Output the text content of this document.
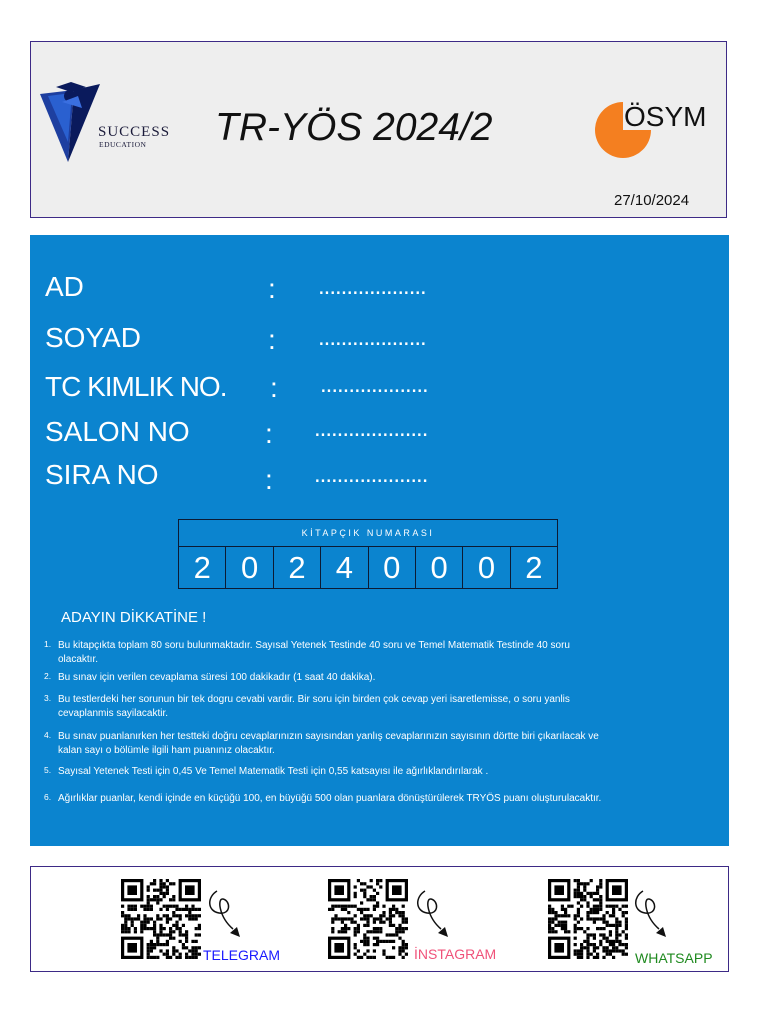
SUCCESS
EDUCATION TR-YÖS 2024/2	ÖSYM
27/10/2024
AD	: ...................
SOYAD	: ...................
TC KIMLIK NO. : ...................
SALON NO	: ....................
SIRA NO	: ....................
KİTAPÇIK NUMARASI
2 0 2 4 0 0 0 2
ADAYIN DİKKATİNE !
1. Bu kitapçıkta toplam 80 soru bulunmaktadır. Sayısal Yetenek Testinde 40 soru ve Temel Matematik Testinde 40 soru olacaktır.
2. Bu sınav için verilen cevaplama süresi 100 dakikadır (1 saat 40 dakika).
3. Bu testlerdeki her sorunun bir tek dogru cevabi vardir. Bir soru için birden çok cevap yeri isaretlemisse, o soru yanlis cevaplanmis sayilacaktir.
4. Bu sınav puanlanırken her testteki doğru cevaplarınızın sayısından yanlış cevaplarınızın sayısının dörtte biri çıkarılacak ve kalan sayı o bölümle ilgili ham puanınız olacaktır.
5. Sayısal Yetenek Testi için 0,45 Ve Temel Matematik Testi için 0,55 katsayısı ile ağırlıklandırılarak .
6. Ağırlıklar puanlar, kendi içinde en küçüğü 100, en büyüğü 500 olan puanlara dönüştürülerek TRYÖS puanı oluşturulacaktır.
TELEGRAM	İNSTAGRAM	WHATSAPP
